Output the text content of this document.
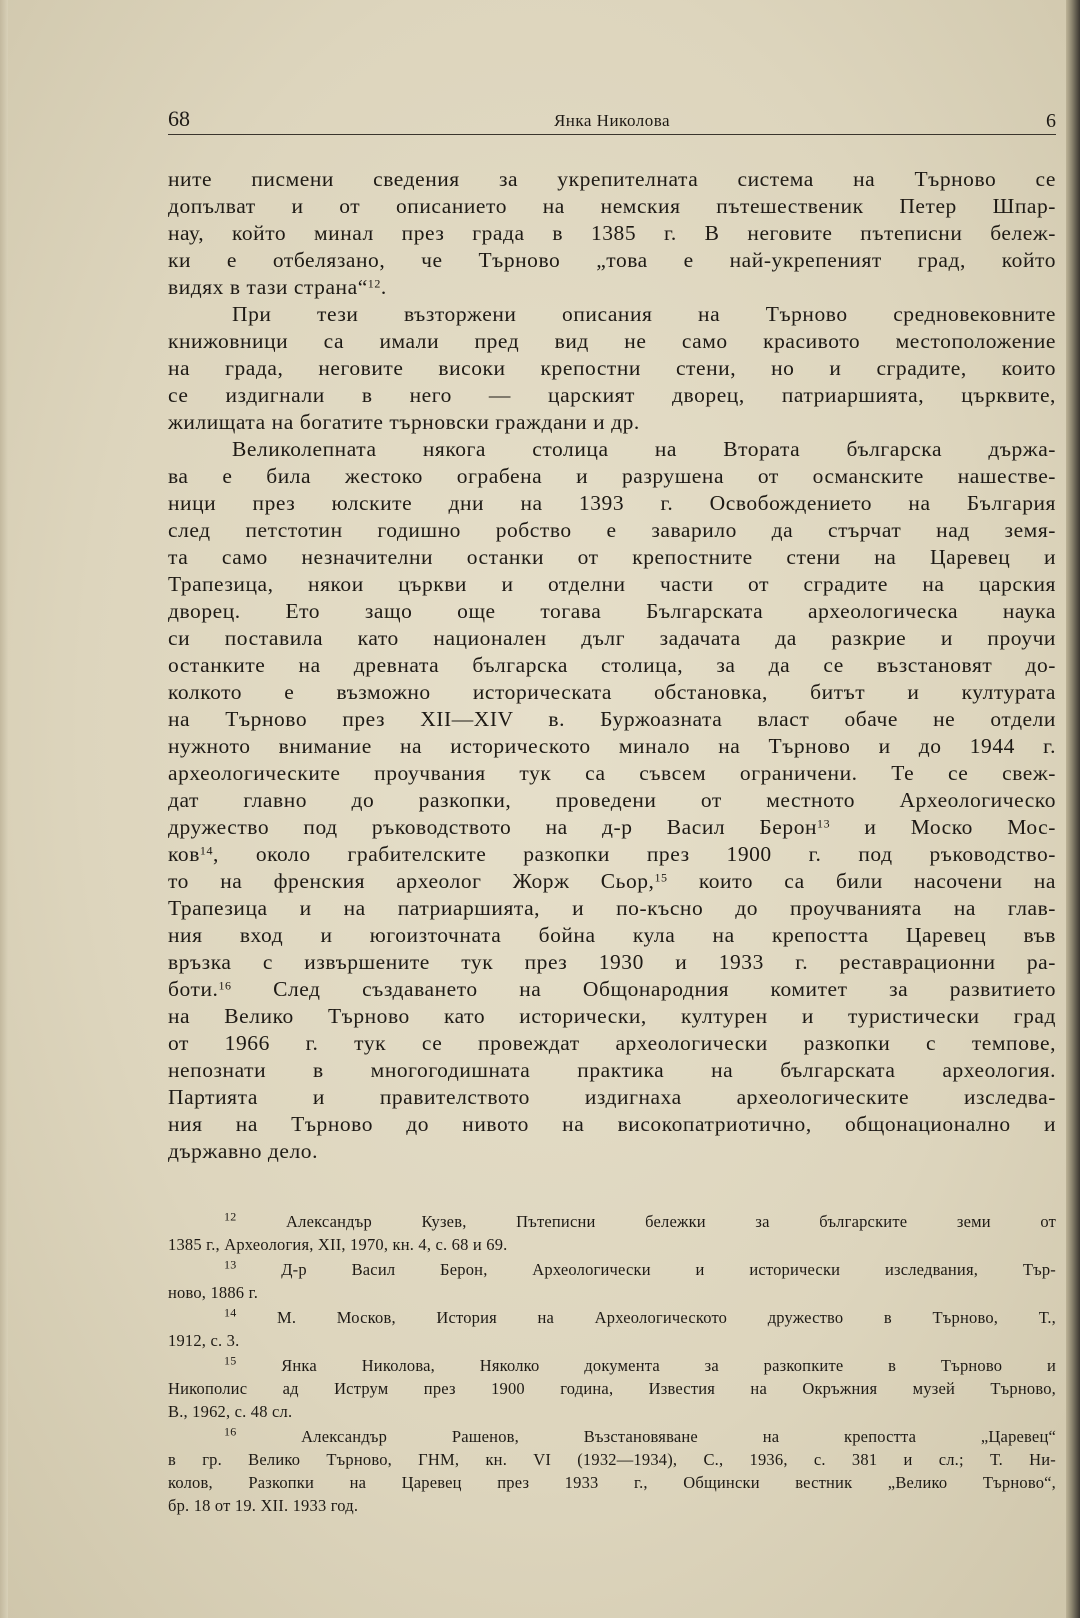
68	Янка Николова	6
ните писмени сведения за укрепителната система на Търново се
допълват и от описанието на немския пътешественик Петер Шпар-
нау, който минал през града в 1385 г. В неговите пътеписни бележ-
ки е отбелязано, че Търново „това е най-укрепеният град, който
видях в тази страна“$^{12}$.
При тези възторжени описания на Търново средновековните
книжовници са имали пред вид не само красивото местоположение
на града, неговите високи крепостни стени, но и сградите, които
се издигнали в него — царският дворец, патриаршията, църквите,
жилищата на богатите търновски граждани и др.
Великолепната някога столица на Втората българска държа-
ва е била жестоко ограбена и разрушена от османските нашестве-
ници през юлските дни на 1393 г. Освобождението на България
след петстотин годишно робство е заварило да стърчат над земя-
та само незначителни останки от крепостните стени на Царевец и
Трапезица, някои църкви и отделни части от сградите на царския
дворец. Ето защо още тогава Българската археологическа наука
си поставила като национален дълг задачата да разкрие и проучи
останките на древната българска столица, за да се възстановят до-
колкото е възможно историческата обстановка, битът и културата
на Търново през XII—XIV в. Буржоазната власт обаче не отдели
нужното внимание на историческото минало на Търново и до 1944 г.
археологическите проучвания тук са съвсем ограничени. Те се свеж-
дат главно до разкопки, проведени от местното Археологическо
дружество под ръководството на д-р Васил Берон$^{13}$ и Моско Мос-
ков$^{14}$, около грабителските разкопки през 1900 г. под ръководство-
то на френския археолог Жорж Сьор,$^{15}$ които са били насочени на
Трапезица и на патриаршията, и по-късно до проучванията на глав-
ния вход и югоизточната бойна кула на крепостта Царевец във
връзка с извършените тук през 1930 и 1933 г. реставрационни ра-
боти.$^{16}$ След създаването на Общонародния комитет за развитието
на Велико Търново като исторически, културен и туристически град
от 1966 г. тук се провеждат археологически разкопки с темпове,
непознати в многогодишната практика на българската археология.
Партията и правителството издигнаха археологическите изследва-
ния на Търново до нивото на високопатриотично, общонационално и
държавно дело.
$^{12}$	Александър Кузев, Пътеписни бележки за българските земи от
1385 г., Археология, XII, 1970, кн. 4, с. 68 и 69.
$^{13}$	Д-р Васил Берон, Археологически и исторически изследвания, Тър-
ново, 1886 г.
$^{14}$ М. Москов, История на Археологическото дружество в Търново, Т.,
1912, с. 3.
$^{15}$	Янка Николова, Няколко документа за разкопките в Търново и
Никополис ад Иструм през 1900 година, Известия на Окръжния музей Търново,
В., 1962, с. 48 сл.
$^{16}$	Александър Рашенов, Възстановяване на крепостта „Царевец“
в гр. Велико Търново, ГНМ, кн. VI (1932—1934), С., 1936, с. 381 и сл.; Т. Ни-
колов, Разкопки на Царевец през 1933 г., Общински вестник „Велико Търново“,
бр. 18 от 19. XII. 1933 год.
